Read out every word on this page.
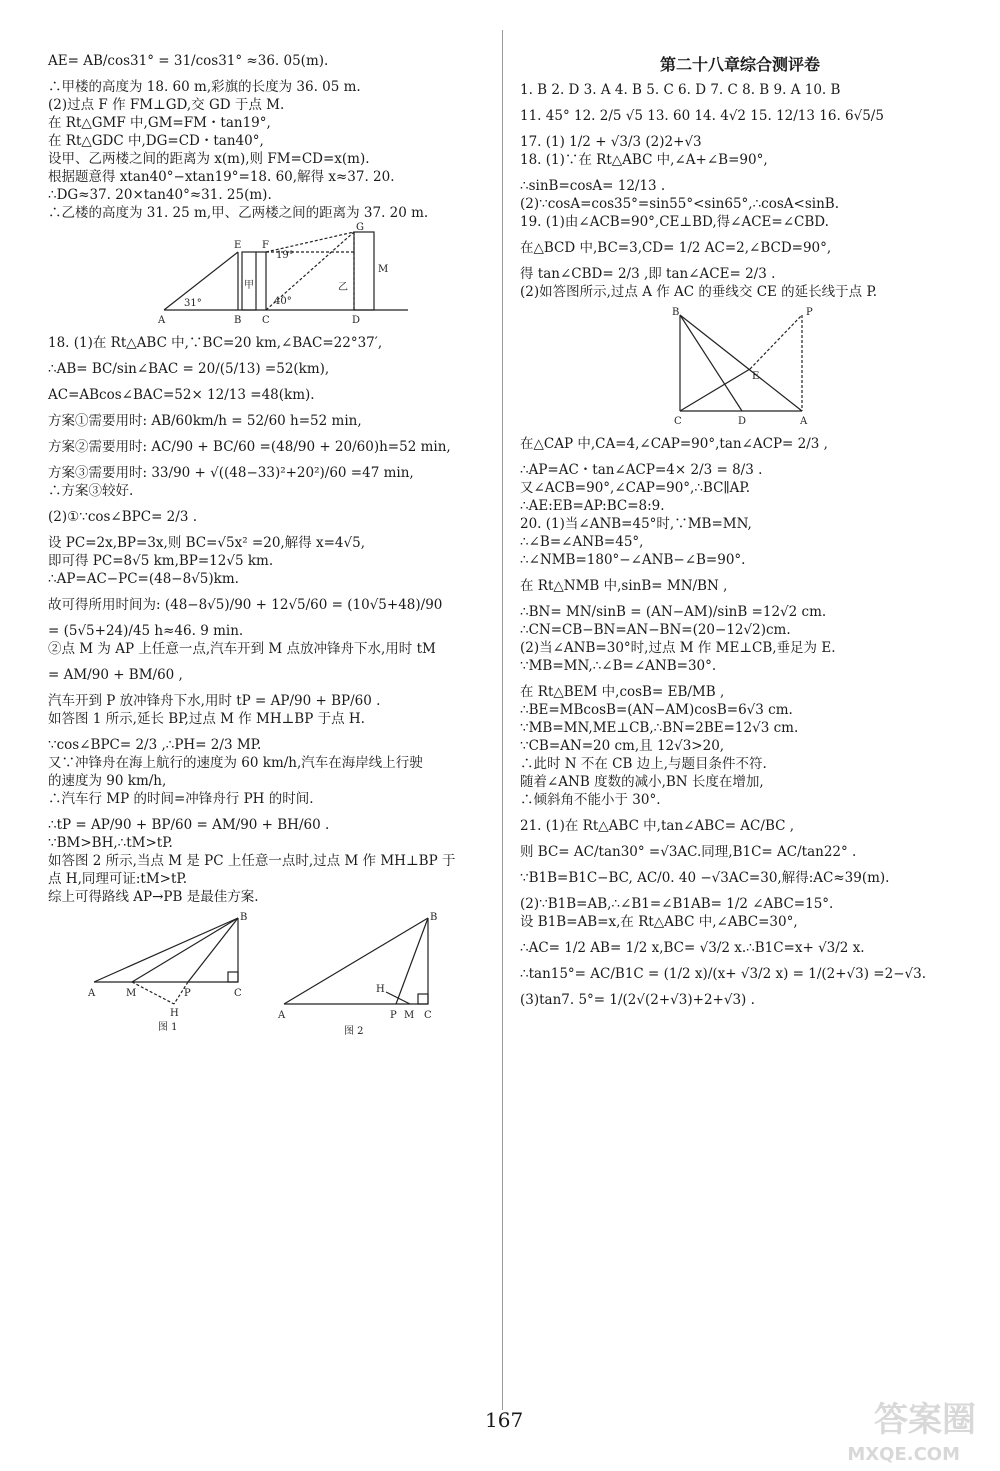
AE= AB/cos31° = 31/cos31° ≈36. 05(m).

∴甲楼的高度为 18. 60 m,彩旗的长度为 36. 05 m.

(2)过点 F 作 FM⊥GD,交 GD 于点 M.

在 Rt△GMF 中,GM=FM・tan19°,

在 Rt△GDC 中,DG=CD・tan40°,

设甲、乙两楼之间的距离为 x(m),则 FM=CD=x(m).

根据题意得 xtan40°−xtan19°=18. 60,解得 x≈37. 20.

∴DG≈37. 20×tan40°≈31. 25(m).

∴乙楼的高度为 31. 25 m,甲、乙两楼之间的距离为 37. 20 m.

A	B C	D
E F
G
M
甲	乙
31°
19°
40°

18. (1)在 Rt△ABC 中,∵BC=20 km,∠BAC=22°37′,

∴AB= BC/sin∠BAC = 20/(5/13) =52(km),

AC=ABcos∠BAC=52× 12/13 =48(km).

方案①需要用时: AB/60km/h = 52/60 h=52 min,

方案②需要用时: AC/90 + BC/60 =(48/90 + 20/60)h=52 min,

方案③需要用时: 33/90 + √((48−33)²+20²)/60 =47 min,

∴方案③较好.

(2)①∵cos∠BPC= 2/3 .

设 PC=2x,BP=3x,则 BC=√5x² =20,解得 x=4√5,

即可得 PC=8√5 km,BP=12√5 km.

∴AP=AC−PC=(48−8√5)km.

故可得所用时间为: (48−8√5)/90 + 12√5/60 = (10√5+48)/90

= (5√5+24)/45 h≈46. 9 min.

②点 M 为 AP 上任意一点,汽车开到 M 点放冲锋舟下水,用时 tM

= AM/90 + BM/60 ,

汽车开到 P 放冲锋舟下水,用时 tP = AP/90 + BP/60 .

如答图 1 所示,延长 BP,过点 M 作 MH⊥BP 于点 H.

∵cos∠BPC= 2/3 ,∴PH= 2/3 MP.

又∵冲锋舟在海上航行的速度为 60 km/h,汽车在海岸线上行驶

的速度为 90 km/h,

∴汽车行 MP 的时间=冲锋舟行 PH 的时间.

∴tP = AP/90 + BP/60 = AM/90 + BH/60 .

∵BM>BH,∴tM>tP.

如答图 2 所示,当点 M 是 PC 上任意一点时,过点 M 作 MH⊥BP 于

点 H,同理可证:tM>tP.

综上可得路线 AP→PB 是最佳方案.

A	M	P	C
B
H
图 1
A
H
P M C
B
图 2

第二十八章综合测评卷

1. B 2. D 3. A 4. B 5. C 6. D 7. C 8. B 9. A 10. B

11. 45° 12. 2/5 √5 13. 60 14. 4√2 15. 12/13 16. 6√5/5

17. (1) 1/2 + √3/3 (2)2+√3

18. (1)∵在 Rt△ABC 中,∠A+∠B=90°,

∴sinB=cosA= 12/13 .

(2)∵cosA=cos35°=sin55°<sin65°,∴cosA<sinB.

19. (1)由∠ACB=90°,CE⊥BD,得∠ACE=∠CBD.

在△BCD 中,BC=3,CD= 1/2 AC=2,∠BCD=90°,

得 tan∠CBD= 2/3 ,即 tan∠ACE= 2/3 .

(2)如答图所示,过点 A 作 AC 的垂线交 CE 的延长线于点 P.

B	P
E
C	D	A

在△CAP 中,CA=4,∠CAP=90°,tan∠ACP= 2/3 ,

∴AP=AC・tan∠ACP=4× 2/3 = 8/3 .

又∠ACB=90°,∠CAP=90°,∴BC∥AP.

∴AE:EB=AP:BC=8:9.

20. (1)当∠ANB=45°时,∵MB=MN,

∴∠B=∠ANB=45°,

∴∠NMB=180°−∠ANB−∠B=90°.

在 Rt△NMB 中,sinB= MN/BN ,

∴BN= MN/sinB = (AN−AM)/sinB =12√2 cm.

∴CN=CB−BN=AN−BN=(20−12√2)cm.

(2)当∠ANB=30°时,过点 M 作 ME⊥CB,垂足为 E.

∵MB=MN,∴∠B=∠ANB=30°.

在 Rt△BEM 中,cosB= EB/MB ,

∴BE=MBcosB=(AN−AM)cosB=6√3 cm.

∵MB=MN,ME⊥CB,∴BN=2BE=12√3 cm.

∵CB=AN=20 cm,且 12√3>20,

∴此时 N 不在 CB 边上,与题目条件不符.

随着∠ANB 度数的减小,BN 长度在增加,

∴倾斜角不能小于 30°.

21. (1)在 Rt△ABC 中,tan∠ABC= AC/BC ,

则 BC= AC/tan30° =√3AC.同理,B1C= AC/tan22° .

∵B1B=B1C−BC, AC/0. 40 −√3AC=30,解得:AC≈39(m).

(2)∵B1B=AB,∴∠B1=∠B1AB= 1/2 ∠ABC=15°.

设 B1B=AB=x,在 Rt△ABC 中,∠ABC=30°,

∴AC= 1/2 AB= 1/2 x,BC= √3/2 x.∴B1C=x+ √3/2 x.

∴tan15°= AC/B1C = (1/2 x)/(x+ √3/2 x) = 1/(2+√3) =2−√3.

(3)tan7. 5°= 1/(2√(2+√3)+2+√3) .

167	答案圈
MXQE.COM
